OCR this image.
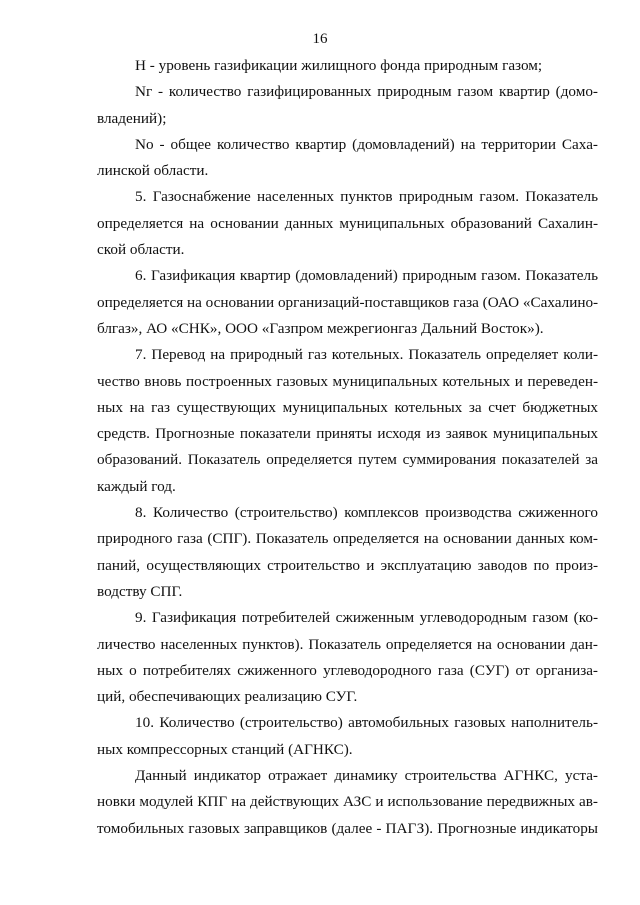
16
Н - уровень газификации жилищного фонда природным газом;
Nг - количество газифицированных природным газом квартир (домо-
владений);
No - общее количество квартир (домовладений) на территории Саха-
линской области.
5. Газоснабжение населенных пунктов природным газом. Показатель
определяется на основании данных муниципальных образований Сахалин-
ской области.
6. Газификация квартир (домовладений) природным газом. Показатель
определяется на основании организаций-поставщиков газа (ОАО «Сахалино-
блгаз», АО «СНК», ООО «Газпром межрегионгаз Дальний Восток»).
7. Перевод на природный газ котельных. Показатель определяет коли-
чество вновь построенных газовых муниципальных котельных и переведен-
ных на газ существующих муниципальных котельных за счет бюджетных
средств. Прогнозные показатели приняты исходя из заявок муниципальных
образований. Показатель определяется путем суммирования показателей за
каждый год.
8. Количество (строительство) комплексов производства сжиженного
природного газа (СПГ). Показатель определяется на основании данных ком-
паний, осуществляющих строительство и эксплуатацию заводов по произ-
водству СПГ.
9. Газификация потребителей сжиженным углеводородным газом (ко-
личество населенных пунктов). Показатель определяется на основании дан-
ных о потребителях сжиженного углеводородного газа (СУГ) от организа-
ций, обеспечивающих реализацию СУГ.
10. Количество (строительство) автомобильных газовых наполнитель-
ных компрессорных станций (АГНКС).
Данный индикатор отражает динамику строительства АГНКС, уста-
новки модулей КПГ на действующих АЗС и использование передвижных ав-
томобильных газовых заправщиков (далее - ПАГЗ). Прогнозные индикаторы
